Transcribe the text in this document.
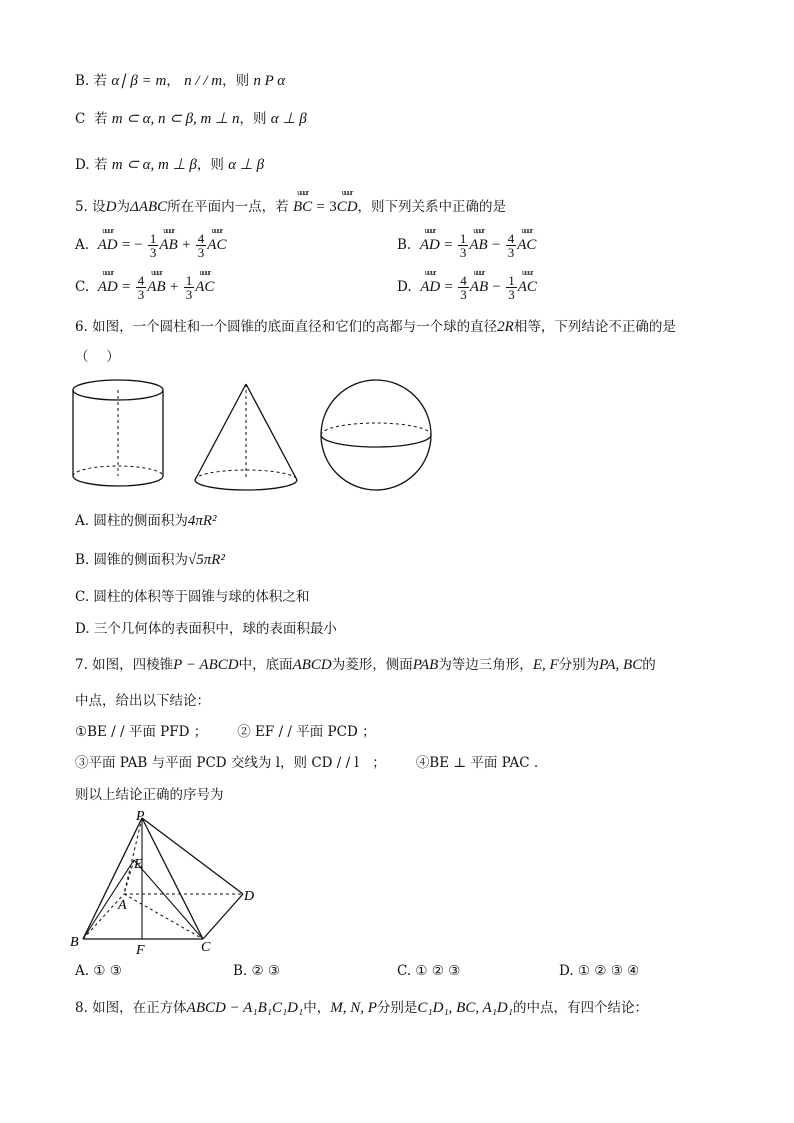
B. 若 α∣ β = m， n / / m，则 n P α
C 若 m ⊂ α, n ⊂ β, m ⊥ n，则 α ⊥ β
D. 若 m ⊂ α, m ⊥ β，则 α ⊥ β
5. 设D为ΔABC所在平面内一点，若
uuur
BC = 3
uuur
CD，则下列关系中正确的是
A.
uuur
AD = − $\frac{1}{3}$
uuur
AB + $\frac{4}{3}$
uuur
AC	B.
uuur
AD = $\frac{1}{3}$
uuur
AB − $\frac{4}{3}$
uuur
AC
C.
uuur
AD = $\frac{4}{3}$
uuur
AB + $\frac{1}{3}$
uuur
AC	D.
uuur
AD = $\frac{4}{3}$
uuur
AB − $\frac{1}{3}$
uuur
AC
6. 如图，一个圆柱和一个圆锥的底面直径和它们的高都与一个球的直径2R相等，下列结论不正确的是
（　 ）
A. 圆柱的侧面积为4πR²
B. 圆锥的侧面积为√5πR²
C. 圆柱的体积等于圆锥与球的体积之和
D. 三个几何体的表面积中，球的表面积最小
7. 如图，四棱锥P − ABCD中，底面ABCD为菱形，侧面PAB为等边三角形，E, F分别为PA, BC的
中点，给出以下结论：
①BE / / 平面 PFD ； ② EF / / 平面 PCD ；
③平面 PAB 与平面 PCD 交线为 l，则 CD / / l　； ④BE ⊥ 平面 PAC .
则以上结论正确的序号为
P
E
A
B
F	C
D
A. ① ③	B. ② ③	C. ① ② ③	D. ① ② ③ ④
8. 如图，在正方体ABCD − A₁B₁C₁D₁中，M, N, P分别是C₁D₁, BC, A₁D₁的中点，有四个结论：
